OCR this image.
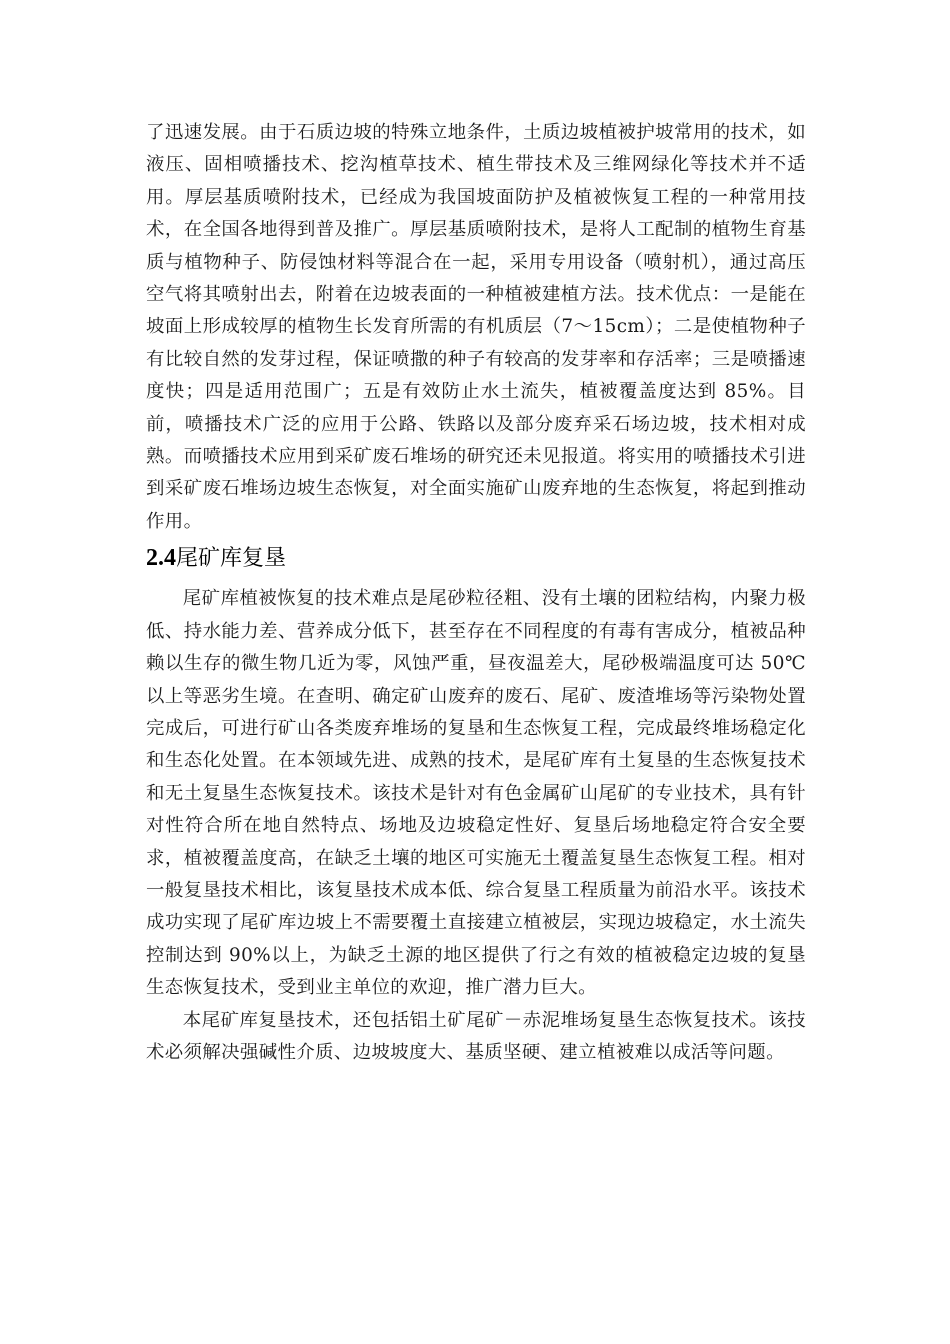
了迅速发展。由于石质边坡的特殊立地条件，土质边坡植被护坡常用的技术，如液压、固相喷播技术、挖沟植草技术、植生带技术及三维网绿化等技术并不适用。厚层基质喷附技术，已经成为我国坡面防护及植被恢复工程的一种常用技术，在全国各地得到普及推广。厚层基质喷附技术，是将人工配制的植物生育基质与植物种子、防侵蚀材料等混合在一起，采用专用设备（喷射机），通过高压空气将其喷射出去，附着在边坡表面的一种植被建植方法。技术优点：一是能在坡面上形成较厚的植物生长发育所需的有机质层（7～15cm）；二是使植物种子有比较自然的发芽过程，保证喷撒的种子有较高的发芽率和存活率；三是喷播速度快；四是适用范围广；五是有效防止水土流失，植被覆盖度达到 85%。目前，喷播技术广泛的应用于公路、铁路以及部分废弃采石场边坡，技术相对成熟。而喷播技术应用到采矿废石堆场的研究还未见报道。将实用的喷播技术引进到采矿废石堆场边坡生态恢复，对全面实施矿山废弃地的生态恢复，将起到推动作用。

2.4尾矿库复垦

尾矿库植被恢复的技术难点是尾砂粒径粗、没有土壤的团粒结构，内聚力极低、持水能力差、营养成分低下，甚至存在不同程度的有毒有害成分，植被品种赖以生存的微生物几近为零，风蚀严重，昼夜温差大，尾砂极端温度可达 50℃以上等恶劣生境。在查明、确定矿山废弃的废石、尾矿、废渣堆场等污染物处置完成后，可进行矿山各类废弃堆场的复垦和生态恢复工程，完成最终堆场稳定化和生态化处置。在本领域先进、成熟的技术，是尾矿库有土复垦的生态恢复技术和无土复垦生态恢复技术。该技术是针对有色金属矿山尾矿的专业技术，具有针对性符合所在地自然特点、场地及边坡稳定性好、复垦后场地稳定符合安全要求，植被覆盖度高，在缺乏土壤的地区可实施无土覆盖复垦生态恢复工程。相对一般复垦技术相比，该复垦技术成本低、综合复垦工程质量为前沿水平。该技术成功实现了尾矿库边坡上不需要覆土直接建立植被层，实现边坡稳定，水土流失控制达到 90%以上，为缺乏土源的地区提供了行之有效的植被稳定边坡的复垦生态恢复技术，受到业主单位的欢迎，推广潜力巨大。

本尾矿库复垦技术，还包括铝土矿尾矿－赤泥堆场复垦生态恢复技术。该技术必须解决强碱性介质、边坡坡度大、基质坚硬、建立植被难以成活等问题。
